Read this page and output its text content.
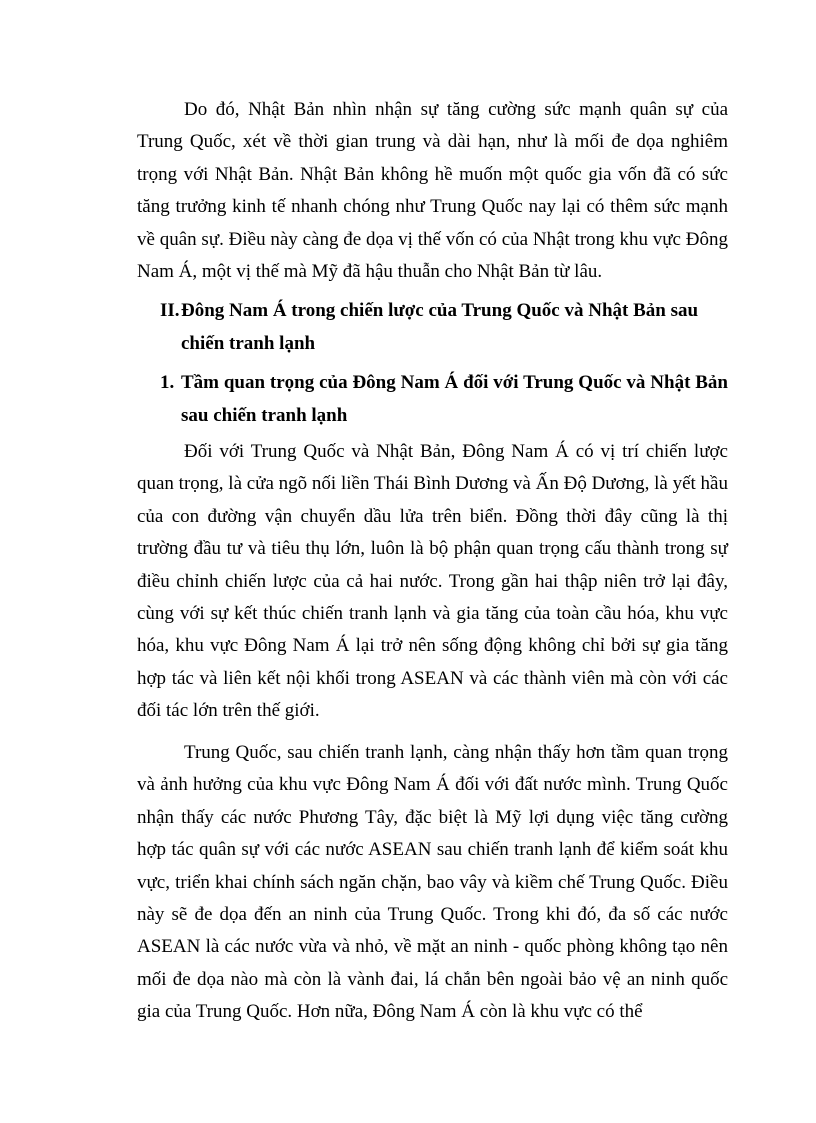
Do đó, Nhật Bản nhìn nhận sự tăng cường sức mạnh quân sự của Trung Quốc, xét về thời gian trung và dài hạn, như là mối đe dọa nghiêm trọng với Nhật Bản. Nhật Bản không hề muốn một quốc gia vốn đã có sức tăng trưởng kinh tế nhanh chóng như Trung Quốc nay lại có thêm sức mạnh về quân sự. Điều này càng đe dọa vị thế vốn có của Nhật trong khu vực Đông Nam Á, một vị thế mà Mỹ đã hậu thuẫn cho Nhật Bản từ lâu.

II. Đông Nam Á trong chiến lược của Trung Quốc và Nhật Bản sau chiến tranh lạnh
1. Tầm quan trọng của Đông Nam Á đối với Trung Quốc và Nhật Bản sau chiến tranh lạnh

Đối với Trung Quốc và Nhật Bản, Đông Nam Á có vị trí chiến lược quan trọng, là cửa ngõ nối liền Thái Bình Dương và Ấn Độ Dương, là yết hầu của con đường vận chuyển dầu lửa trên biển. Đồng thời đây cũng là thị trường đầu tư và tiêu thụ lớn, luôn là bộ phận quan trọng cấu thành trong sự điều chỉnh chiến lược của cả hai nước. Trong gần hai thập niên trở lại đây, cùng với sự kết thúc chiến tranh lạnh và gia tăng của toàn cầu hóa, khu vực hóa, khu vực Đông Nam Á lại trở nên sống động không chỉ bởi sự gia tăng hợp tác và liên kết nội khối trong ASEAN và các thành viên mà còn với các đối tác lớn trên thế giới.

Trung Quốc, sau chiến tranh lạnh, càng nhận thấy hơn tầm quan trọng và ảnh hưởng của khu vực Đông Nam Á đối với đất nước mình. Trung Quốc nhận thấy các nước Phương Tây, đặc biệt là Mỹ lợi dụng việc tăng cường hợp tác quân sự với các nước ASEAN sau chiến tranh lạnh để kiểm soát khu vực, triển khai chính sách ngăn chặn, bao vây và kiềm chế Trung Quốc. Điều này sẽ đe dọa đến an ninh của Trung Quốc. Trong khi đó, đa số các nước ASEAN là các nước vừa và nhỏ, về mặt an ninh - quốc phòng không tạo nên mối đe dọa nào mà còn là vành đai, lá chắn bên ngoài bảo vệ an ninh quốc gia của Trung Quốc. Hơn nữa, Đông Nam Á còn là khu vực có thể
